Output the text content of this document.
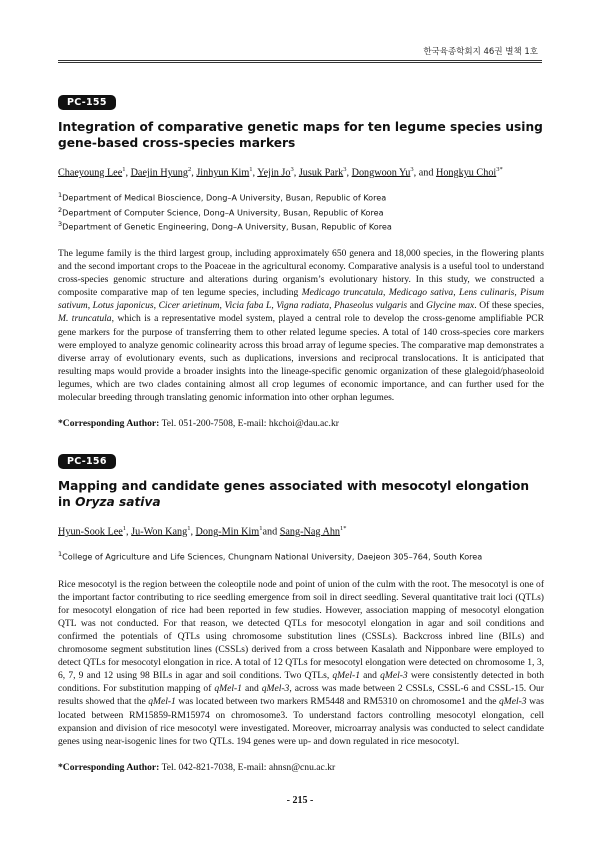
한국육종학회지 46권 별책 1호
PC-155
Integration of comparative genetic maps for ten legume species using gene-based cross-species markers
Chaeyoung Lee$^1$, Daejin Hyung$^2$, Jinhyun Kim$^1$, Yejin Jo$^3$, Jusuk Park$^3$, Dongwoon Yu$^3$, and Hongkyu Choi$^{3*}$
$^1$Department of Medical Bioscience, Dong–A University, Busan, Republic of Korea
$^2$Department of Computer Science, Dong–A University, Busan, Republic of Korea
$^3$Department of Genetic Engineering, Dong–A University, Busan, Republic of Korea
The legume family is the third largest group, including approximately 650 genera and 18,000 species, in the flowering plants and the second important crops to the Poaceae in the agricultural economy. Comparative analysis is a useful tool to understand cross-species genomic structure and alterations during organism’s evolutionary history. In this study, we constructed a composite comparative map of ten legume species, including Medicago truncatula, Medicago sativa, Lens culinaris, Pisum sativum, Lotus japonicus, Cicer arietinum, Vicia faba L, Vigna radiata, Phaseolus vulgaris and Glycine max. Of these species, M. truncatula, which is a representative model system, played a central role to develop the cross-genome amplifiable PCR gene markers for the purpose of transferring them to other related legume species. A total of 140 cross-species core markers were employed to analyze genomic colinearity across this broad array of legume species. The comparative map demonstrates a diverse array of evolutionary events, such as duplications, inversions and reciprocal translocations. It is anticipated that resulting maps would provide a broader insights into the lineage-specific genomic organization of these glalegoid/phaseoloid legumes, which are two clades containing almost all crop legumes of economic importance, and can further used for the molecular breeding through translating genomic information into other orphan legumes.
*Corresponding Author: Tel. 051-200-7508, E-mail: hkchoi@dau.ac.kr
PC-156
Mapping and candidate genes associated with mesocotyl elongation in Oryza sativa
Hyun-Sook Lee$^1$, Ju-Won Kang$^1$, Dong-Min Kim$^1$and Sang-Nag Ahn$^{1*}$
$^1$College of Agriculture and Life Sciences, Chungnam National University, Daejeon 305–764, South Korea
Rice mesocotyl is the region between the coleoptile node and point of union of the culm with the root. The mesocotyl is one of the important factor contributing to rice seedling emergence from soil in direct seedling. Several quantitative trait loci (QTLs) for mesocotyl elongation of rice had been reported in few studies. However, association mapping of mesocotyl elongation QTL was not conducted. For that reason, we detected QTLs for mesocotyl elongation in agar and soil conditions and confirmed the potentials of QTLs using chromosome substitution lines (CSSLs). Backcross inbred line (BILs) and chromosome segment substitution lines (CSSLs) derived from a cross between Kasalath and Nipponbare were employed to detect QTLs for mesocotyl elongation in rice. A total of 12 QTLs for mesocotyl elongation were detected on chromosome 1, 3, 6, 7, 9 and 12 using 98 BILs in agar and soil conditions. Two QTLs, qMel-1 and qMel-3 were consistently detected in both conditions. For substitution mapping of qMel-1 and qMel-3, across was made between 2 CSSLs, CSSL-6 and CSSL-15. Our results showed that the qMel-1 was located between two markers RM5448 and RM5310 on chromosome1 and the qMel-3 was located between RM15859-RM15974 on chromosome3. To understand factors controlling mesocotyl elongation, cell expansion and division of rice mesocotyl were investigated. Moreover, microarray analysis was conducted to select candidate genes using near-isogenic lines for two QTLs. 194 genes were up- and down regulated in rice mesocotyl.
*Corresponding Author: Tel. 042-821-7038, E-mail: ahnsn@cnu.ac.kr
- 215 -
